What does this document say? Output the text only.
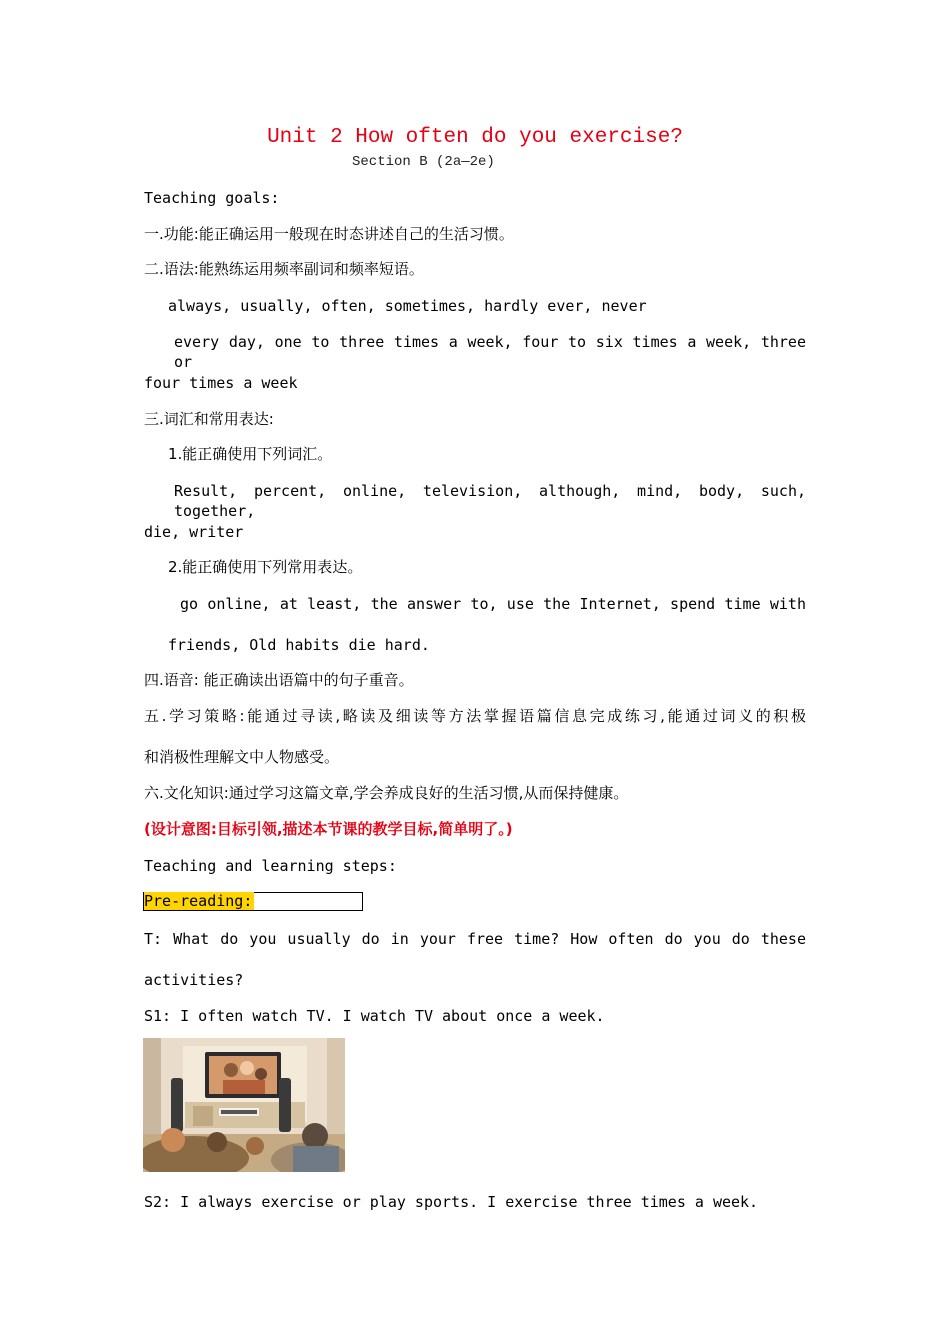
Unit 2 How often do you exercise?
Section B (2a—2e)
Teaching goals:
一.功能:能正确运用一般现在时态讲述自己的生活习惯。
二.语法:能熟练运用频率副词和频率短语。
always, usually, often, sometimes, hardly ever, never
every day, one to three times a week, four to six times a week, three or
four times a week
三.词汇和常用表达:
1.能正确使用下列词汇。
Result, percent, online, television, although, mind, body, such, together,
die, writer
2.能正确使用下列常用表达。
go online, at least, the answer to, use the Internet, spend time with
friends, Old habits die hard.
四.语音: 能正确读出语篇中的句子重音。
五.学习策略:能通过寻读,略读及细读等方法掌握语篇信息完成练习,能通过词义的积极
和消极性理解文中人物感受。
六.文化知识:通过学习这篇文章,学会养成良好的生活习惯,从而保持健康。
(设计意图:目标引领,描述本节课的教学目标,简单明了。)
Teaching and learning steps:
Pre-reading:
T: What do you usually do in your free time? How often do you do these
activities?
S1: I often watch TV. I watch TV about once a week.
S2: I always exercise or play sports. I exercise three times a week.
